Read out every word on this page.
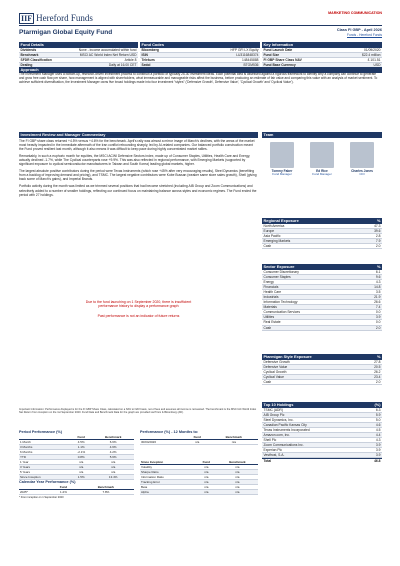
IIF Hereford Funds	MARKETING COMMUNICATION
Ptarmigan Global Equity Fund	Class FI GBP - April 2026
Funds - Hereford Funds
Fund Details
Dividends	None - income accumulated within fund
Benchmark	MSCI AC World Index Net Return USD
SFDR Classification	Article 8
Dealing	Daily at 16.00 CET
Fund Codes
Bloomberg	HFP GFI LX Equity
ISIN	LU3116848374
Telekurs	148445888
Sedol	BTGM536
Key Information
Fund Launch Date	01/09/2020
Fund Size	$22.4 million
FI GBP Share Class NAV	£ 101.51
Fund Base Currency	USD
Approach
The Investment Manager uses a bottom-up, research-driven investment process to construct a portfolio of typically 25-30 investment ideas. Each potential idea is assessed against a rigorous framework to identify why a company can continue to generate and grow free cash flow per share, how management is aligned with shareholders, what immeasurable and manageable risks affect the business, before producing an estimate of fair value and comparing this value with an analysis of market sentiment. To achieve sufficient diversification, the Investment Manager owns five broad holdings made into four investment "styles" ('Defensive Growth', Defensive Value', 'Cyclical Growth' and 'Cyclical Value').
Investment Review and Manager Commentary

The FI GBP share class returned +4.5% versus +4.6% for the benchmark. April's rally was almost a mirror image of March's declines, with the areas of the market most heavily impacted in the immediate aftermath of the Iran conflict rebounding sharply, led by AI-related companies. Our balanced portfolio construction meant the Fund proved resilient last month, although it also means it was difficult to keep pace during highly concentrated market rallies.

Remarkably, in such a euphoric month for equities, the MSCI ACWI Defensive Sectors index, made up of Consumer Staples, Utilities, Health Care and Energy, actually declined -1.7%, while The Cyclical counterparts rose +9.9%. This was also reflected in regional performance, with Emerging Markets (supported by significant exposure to cyclical semiconductor manufacturers in Taiwan and South Korea) leading global markets, higher.

The largest absolute positive contributors during the period were Texas Instruments (which rose +45% after very encouraging results), Steel Dynamics (benefiting from a backlog of improving demand and pricing), and TSMC. The largest negative contributors were Kobe Bussan (weaker same store sales growth), Shell (giving back some of March's gains), and Imperial Brands.

Portfolio activity during the month was limited as we trimmed several positions that had become stretched (including AIB Group and Zoom Communications) and selectively added to a number of smaller holdings, reflecting our continued focus on maintaining balance across styles and economic regimes. The Fund ended the period with 27 holdings.

Team
Tommy Faber
Fund Manager
Ed Rice
Fund Manager
Charles Jones
CIO
Due to the fund launching on 1 September 2020, there is insufficient
performance history to display a performance graph
Past performance is not an indicator of future returns
Important Information: Performance displayed is for the FI GBP Share Class, calculated on a NAV to NAV basis, net of fees and assumes all income is reinvested. The benchmark is the MSCI AC World Index Net Return from inception on the 1st September 2020. Fund Data and Benchmark Data for the graph are provided via Prism & Bloomberg (AD).
Period Performance (%)
	Fund	Benchmark
1 Month	4.5%	6.6%
3 Months	1.1%	4.6%
6 Months	-2.1%	4.2%
YTD	0.8%	5.6%
1 Year	n/a	n/a
3 Years	n/a	n/a
5 Years	n/a	n/a
Since Inception	1.5%	13.4%
Calendar Year Performance (%)
	Fund	Benchmark
2025*	1.2%	7.8%
* From inception on 1 September 2020
Performance (%) - 12 Months to:
	Fund	Benchmark
30/04/2026	n/a	n/a
Since Inception	Fund	Benchmark
Volatility	n/a	n/a
Sharpe Ratio	n/a	n/a
Information Ratio	n/a	n/a
Tracking Error	n/a	n/a
Beta	n/a	n/a
Alpha	n/a	n/a
Regional Exposure	%
North America	47.3
Europe	39.6
Asia Pacific	2.8
Emerging Markets	7.9
Cash	2.0
Sector Exposure	%
Consumer Discretionary	6.1
Consumer Staples	9.6
Energy	4.3
Financials	14.8
Health Care	3.5
Industrials	21.9
Information Technology	26.6
Materials	7.4
Communication Services	0.0
Utilities	3.9
Real Estate	0.0
Cash	2.0
Ptarmigan Style Exposure	%
Defensive Growth	27.8
Defensive Value	20.5
Cyclical Growth	26.2
Cyclical Value	23.4
Cash	2.0
Top 10 Holdings	(%)
TSMC (ADR)	6.3
AIB Group Plc	5.9
Steel Dynamics, Inc.	5.0
Canadian Pacific Kansas City	4.6
Texas Instruments Incorporated	4.5
Amazon.com, Inc.	4.4
Shell Plc	4.3
Zoom Communications Inc.	3.9
Experian Plc	3.9
Vestfrost, S.A.	3.9
Total	46.8
